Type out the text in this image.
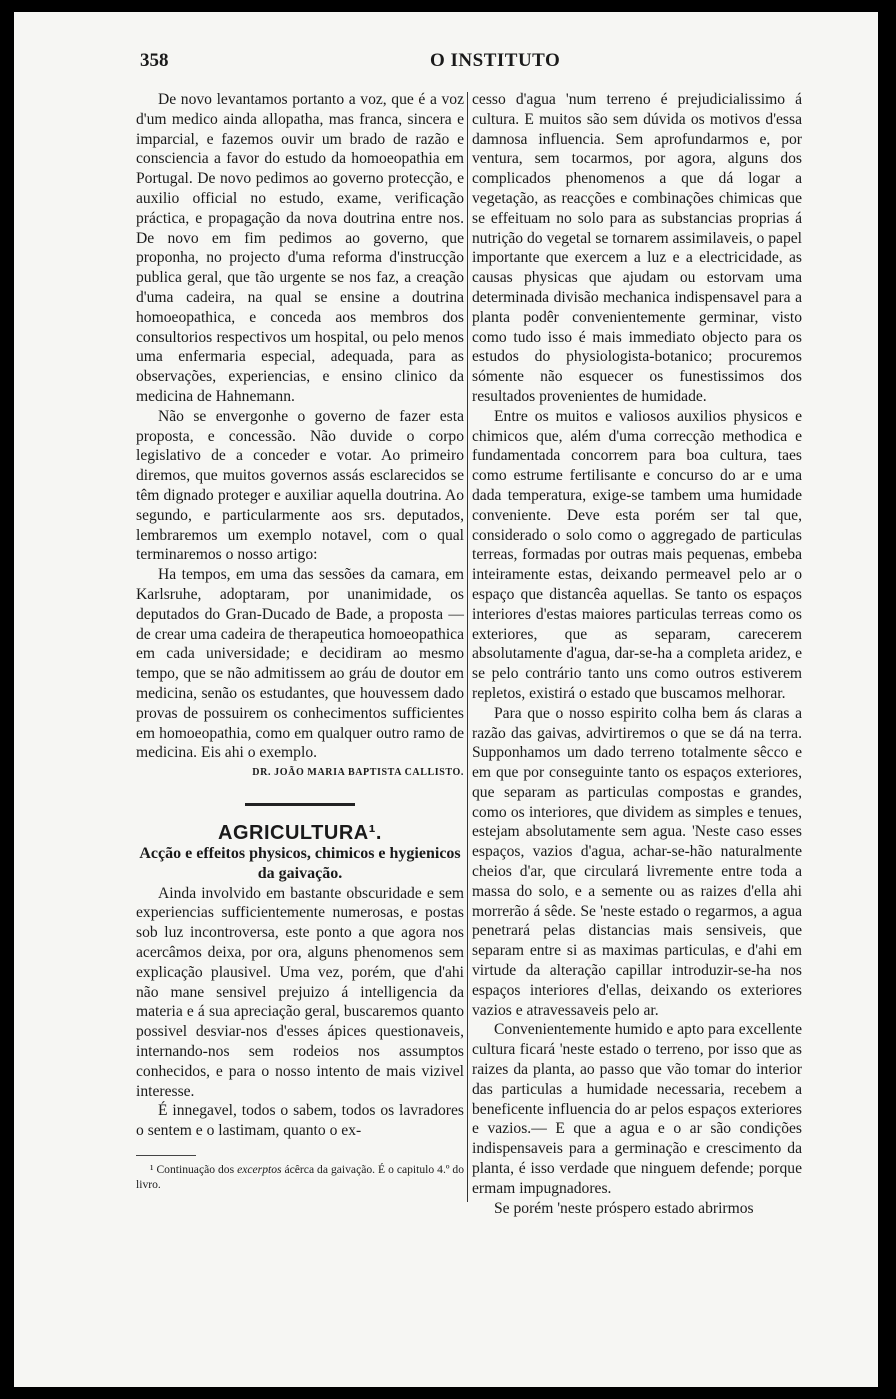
358	O INSTITUTO

De novo levantamos portanto a voz, que é a voz d'um medico ainda allopatha, mas franca, sincera e imparcial, e fazemos ouvir um brado de razão e consciencia a favor do estudo da homoeopathia em Portugal. De novo pedimos ao governo protecção, e auxilio official no estudo, exame, verificação práctica, e propagação da nova doutrina entre nos. De novo em fim pedimos ao governo, que proponha, no projecto d'uma reforma d'instrucção publica geral, que tão urgente se nos faz, a creação d'uma cadeira, na qual se ensine a doutrina homoeopathica, e conceda aos membros dos consultorios respectivos um hospital, ou pelo menos uma enfermaria especial, adequada, para as observações, experiencias, e ensino clinico da medicina de Hahnemann.

Não se envergonhe o governo de fazer esta proposta, e concessão. Não duvide o corpo legislativo de a conceder e votar. Ao primeiro diremos, que muitos governos assás esclarecidos se têm dignado proteger e auxiliar aquella doutrina. Ao segundo, e particularmente aos srs. deputados, lembraremos um exemplo notavel, com o qual terminaremos o nosso artigo:

Ha tempos, em uma das sessões da camara, em Karlsruhe, adoptaram, por unanimidade, os deputados do Gran-Ducado de Bade, a proposta — de crear uma cadeira de therapeutica homoeopathica em cada universidade; e decidiram ao mesmo tempo, que se não admitissem ao gráu de doutor em medicina, senão os estudantes, que houvessem dado provas de possuirem os conhecimentos sufficientes em homoeopathia, como em qualquer outro ramo de medicina. Eis ahi o exemplo.

DR. JOÃO MARIA BAPTISTA CALLISTO.

AGRICULTURA¹.

Acção e effeitos physicos, chimicos e hygienicos da gaivação.

Ainda involvido em bastante obscuridade e sem experiencias sufficientemente numerosas, e postas sob luz incontroversa, este ponto a que agora nos acercâmos deixa, por ora, alguns phenomenos sem explicação plausivel. Uma vez, porém, que d'ahi não mane sensivel prejuizo á intelligencia da materia e á sua apreciação geral, buscaremos quanto possivel desviar-nos d'esses ápices questionaveis, internando-nos sem rodeios nos assumptos conhecidos, e para o nosso intento de mais vizivel interesse.

É innegavel, todos o sabem, todos os lavradores o sentem e o lastimam, quanto o ex-

¹ Continuação dos excerptos ácêrca da gaivação. É o capitulo 4.º do livro.

cesso d'agua 'num terreno é prejudicialissimo á cultura. E muitos são sem dúvida os motivos d'essa damnosa influencia. Sem aprofundarmos e, por ventura, sem tocarmos, por agora, alguns dos complicados phenomenos a que dá logar a vegetação, as reacções e combinações chimicas que se effeituam no solo para as substancias proprias á nutrição do vegetal se tornarem assimilaveis, o papel importante que exercem a luz e a electricidade, as causas physicas que ajudam ou estorvam uma determinada divisão mechanica indispensavel para a planta podêr convenientemente germinar, visto como tudo isso é mais immediato objecto para os estudos do physiologista-botanico; procuremos sómente não esquecer os funestissimos dos resultados provenientes de humidade.

Entre os muitos e valiosos auxilios physicos e chimicos que, além d'uma correcção methodica e fundamentada concorrem para boa cultura, taes como estrume fertilisante e concurso do ar e uma dada temperatura, exige-se tambem uma humidade conveniente. Deve esta porém ser tal que, considerado o solo como o aggregado de particulas terreas, formadas por outras mais pequenas, embeba inteiramente estas, deixando permeavel pelo ar o espaço que distancêa aquellas. Se tanto os espaços interiores d'estas maiores particulas terreas como os exteriores, que as separam, carecerem absolutamente d'agua, dar-se-ha a completa aridez, e se pelo contrário tanto uns como outros estiverem repletos, existirá o estado que buscamos melhorar.

Para que o nosso espirito colha bem ás claras a razão das gaivas, advirtiremos o que se dá na terra. Supponhamos um dado terreno totalmente sêcco e em que por conseguinte tanto os espaços exteriores, que separam as particulas compostas e grandes, como os interiores, que dividem as simples e tenues, estejam absolutamente sem agua. 'Neste caso esses espaços, vazios d'agua, achar-se-hão naturalmente cheios d'ar, que circulará livremente entre toda a massa do solo, e a semente ou as raizes d'ella ahi morrerão á sêde. Se 'neste estado o regarmos, a agua penetrará pelas distancias mais sensiveis, que separam entre si as maximas particulas, e d'ahi em virtude da alteração capillar introduzir-se-ha nos espaços interiores d'ellas, deixando os exteriores vazios e atravessaveis pelo ar.

Convenientemente humido e apto para excellente cultura ficará 'neste estado o terreno, por isso que as raizes da planta, ao passo que vão tomar do interior das particulas a humidade necessaria, recebem a beneficente influencia do ar pelos espaços exteriores e vazios.— E que a agua e o ar são condições indispensaveis para a germinação e crescimento da planta, é isso verdade que ninguem defende; porque ermam impugnadores.

Se porém 'neste próspero estado abrirmos
